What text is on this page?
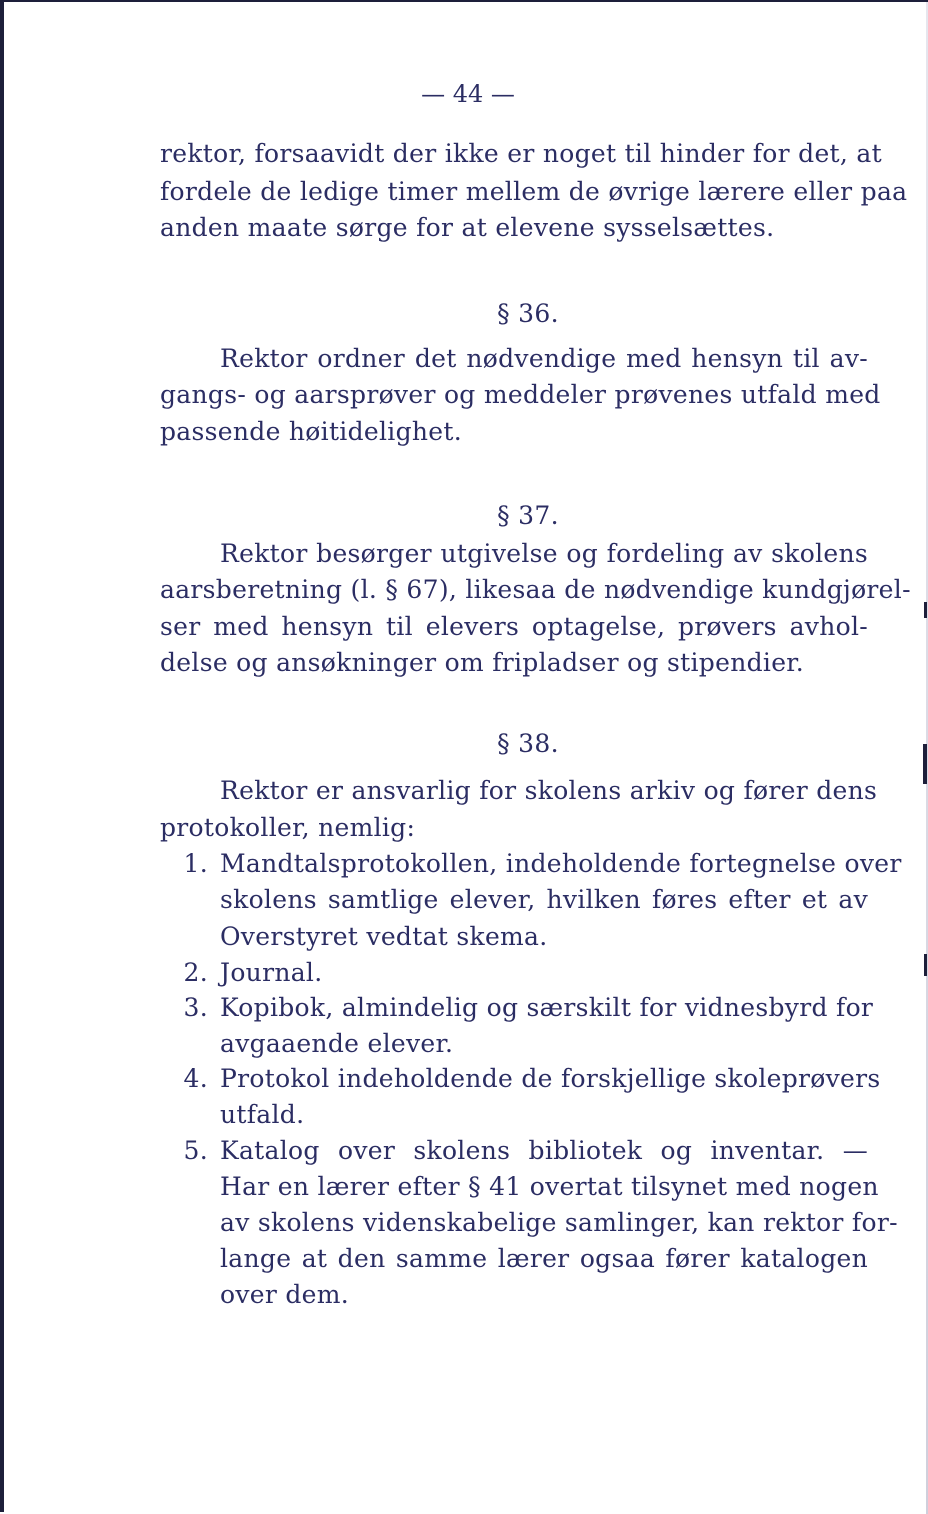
— 44 —
rektor, forsaavidt der ikke er noget til hinder for det, at
fordele de ledige timer mellem de øvrige lærere eller paa
anden maate sørge for at elevene sysselsættes.
§ 36.
Rektor ordner det nødvendige med hensyn til av-
gangs- og aarsprøver og meddeler prøvenes utfald med
passende høitidelighet.
§ 37.
Rektor besørger utgivelse og fordeling av skolens
aarsberetning (l. § 67), likesaa de nødvendige kundgjørel-
ser med hensyn til elevers optagelse, prøvers avhol-
delse og ansøkninger om fripladser og stipendier.
§ 38.
Rektor er ansvarlig for skolens arkiv og fører dens
protokoller, nemlig:
1. Mandtalsprotokollen, indeholdende fortegnelse over
skolens samtlige elever, hvilken føres efter et av
Overstyret vedtat skema.
2. Journal.
3. Kopibok, almindelig og særskilt for vidnesbyrd for
avgaaende elever.
4. Protokol indeholdende de forskjellige skoleprøvers
utfald.
5. Katalog over skolens bibliotek og inventar. —
Har en lærer efter § 41 overtat tilsynet med nogen
av skolens videnskabelige samlinger, kan rektor for-
lange at den samme lærer ogsaa fører katalogen
over dem.
